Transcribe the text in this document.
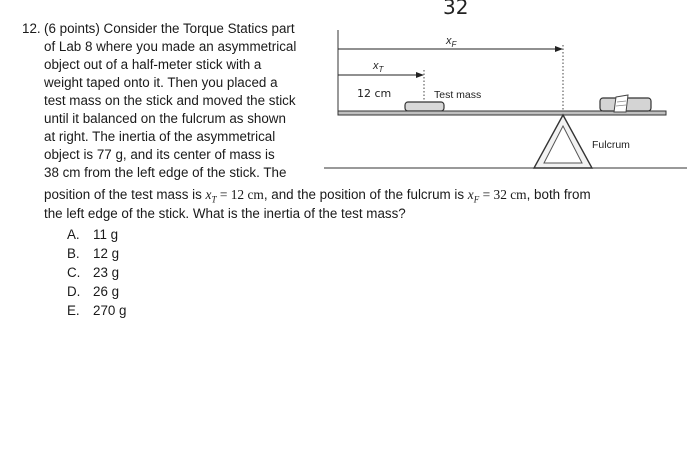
12. (6 points) Consider the Torque Statics part
of Lab 8 where you made an asymmetrical
object out of a half-meter stick with a
weight taped onto it. Then you placed a
test mass on the stick and moved the stick
until it balanced on the fulcrum as shown
at right. The inertia of the asymmetrical
object is 77 g, and its center of mass is
38 cm from the left edge of the stick. The
position of the test mass is $x_T = 12$ cm, and the position of the fulcrum is $x_F = 32$ cm, both from
the left edge of the stick. What is the inertia of the test mass?
A. 11 g
B. 12 g
C. 23 g
D. 26 g
E. 270 g
32
$x_F$
$x_T$
12 cm	Test mass
Fulcrum
